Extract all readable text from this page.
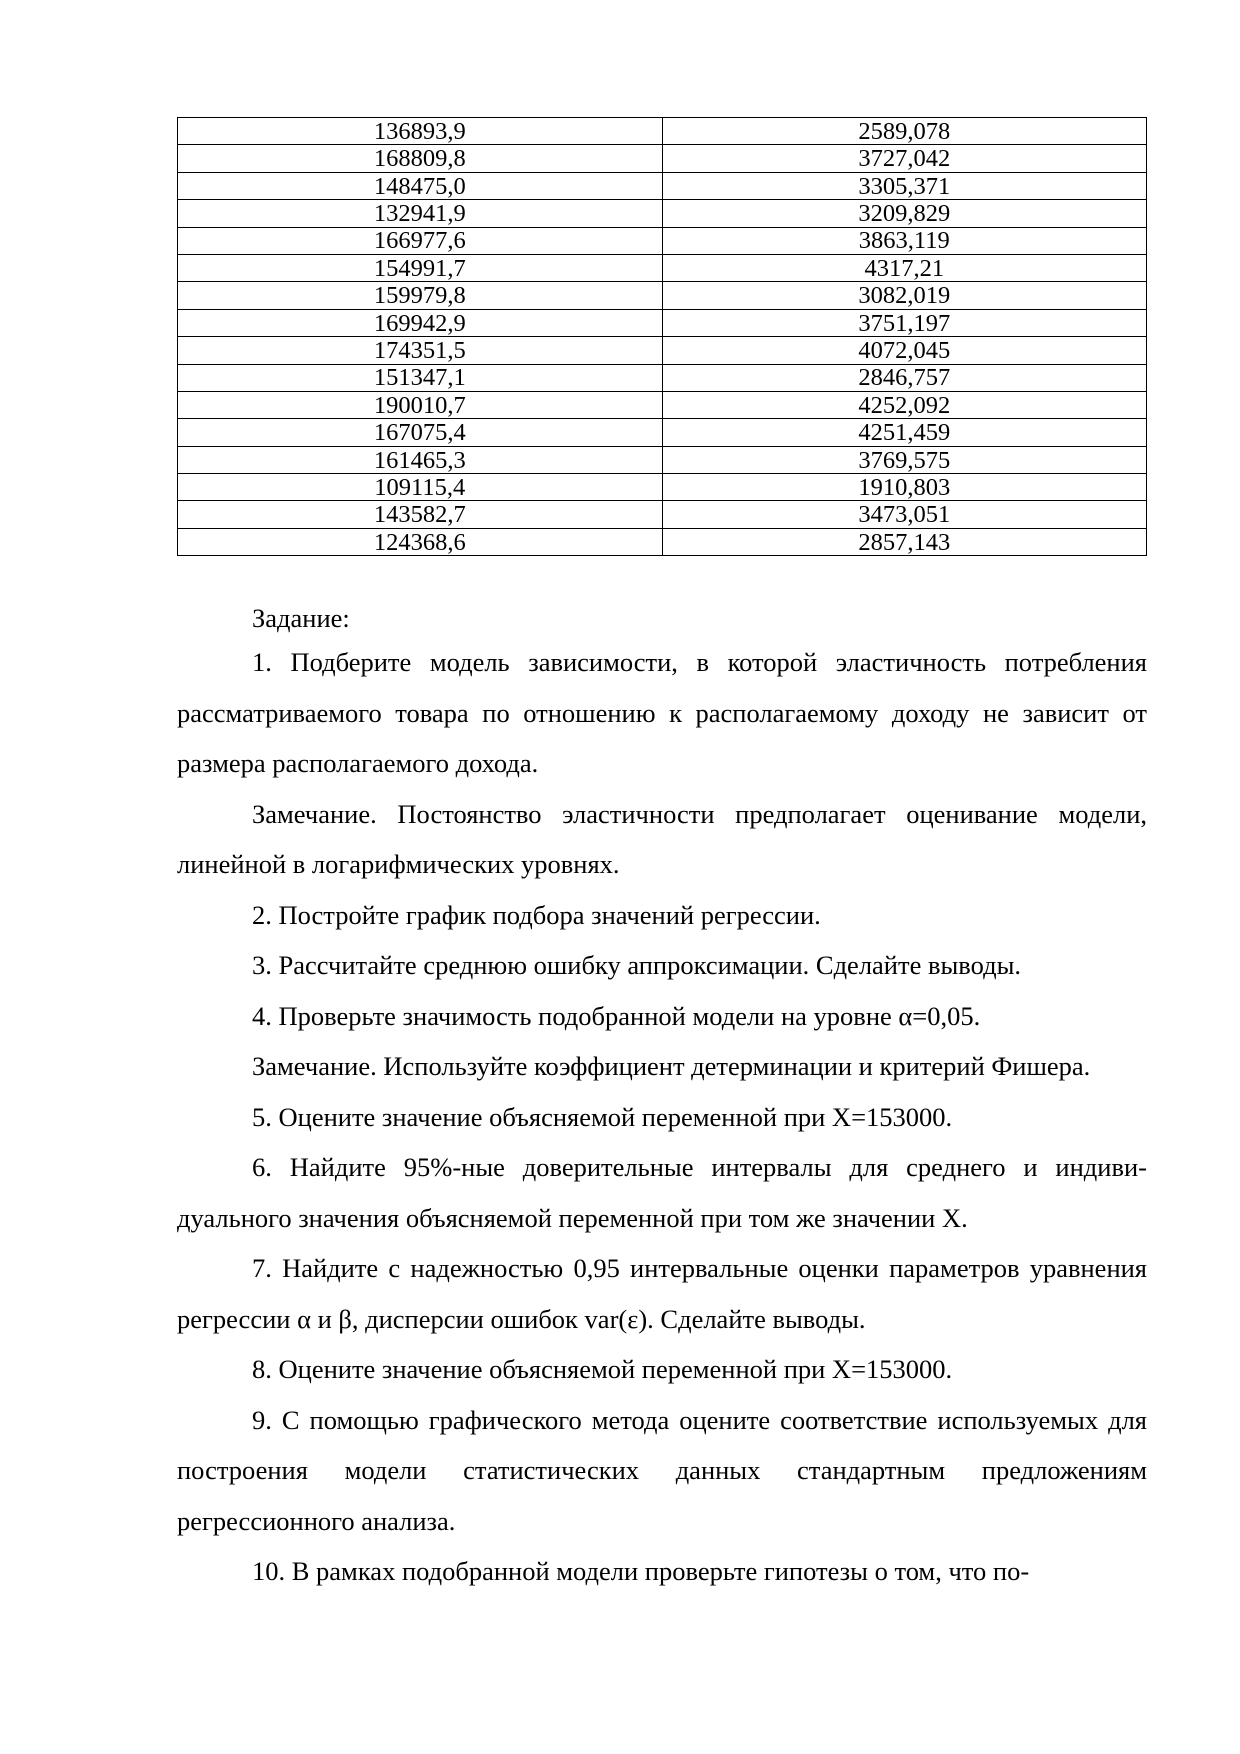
136893,9	2589,078
168809,8	3727,042
148475,0	3305,371
132941,9	3209,829
166977,6	3863,119
154991,7	4317,21
159979,8	3082,019
169942,9	3751,197
174351,5	4072,045
151347,1	2846,757
190010,7	4252,092
167075,4	4251,459
161465,3	3769,575
109115,4	1910,803
143582,7	3473,051
124368,6	2857,143

Задание:

1. Подберите модель зависимости, в которой эластичность потребления рассматриваемого товара по отношению к располагаемому доходу не зависит от размера располагаемого дохода.

Замечание. Постоянство эластичности предполагает оценивание модели, линейной в логарифмических уровнях.

2. Постройте график подбора значений регрессии.

3. Рассчитайте среднюю ошибку аппроксимации. Сделайте выводы.

4. Проверьте значимость подобранной модели на уровне α=0,05.

Замечание. Используйте коэффициент детерминации и критерий Фишера.

5. Оцените значение объясняемой переменной при X=153000.

6. Найдите 95%-ные доверительные интервалы для среднего и индивидуального значения объясняемой переменной при том же значении X.

7. Найдите с надежностью 0,95 интервальные оценки параметров уравнения регрессии α и β, дисперсии ошибок var(ε). Сделайте выводы.

8. Оцените значение объясняемой переменной при X=153000.

9. С помощью графического метода оцените соответствие используемых для построения модели статистических данных стандартным предложениям регрессионного анализа.

10. В рамках подобранной модели проверьте гипотезы о том, что по-
